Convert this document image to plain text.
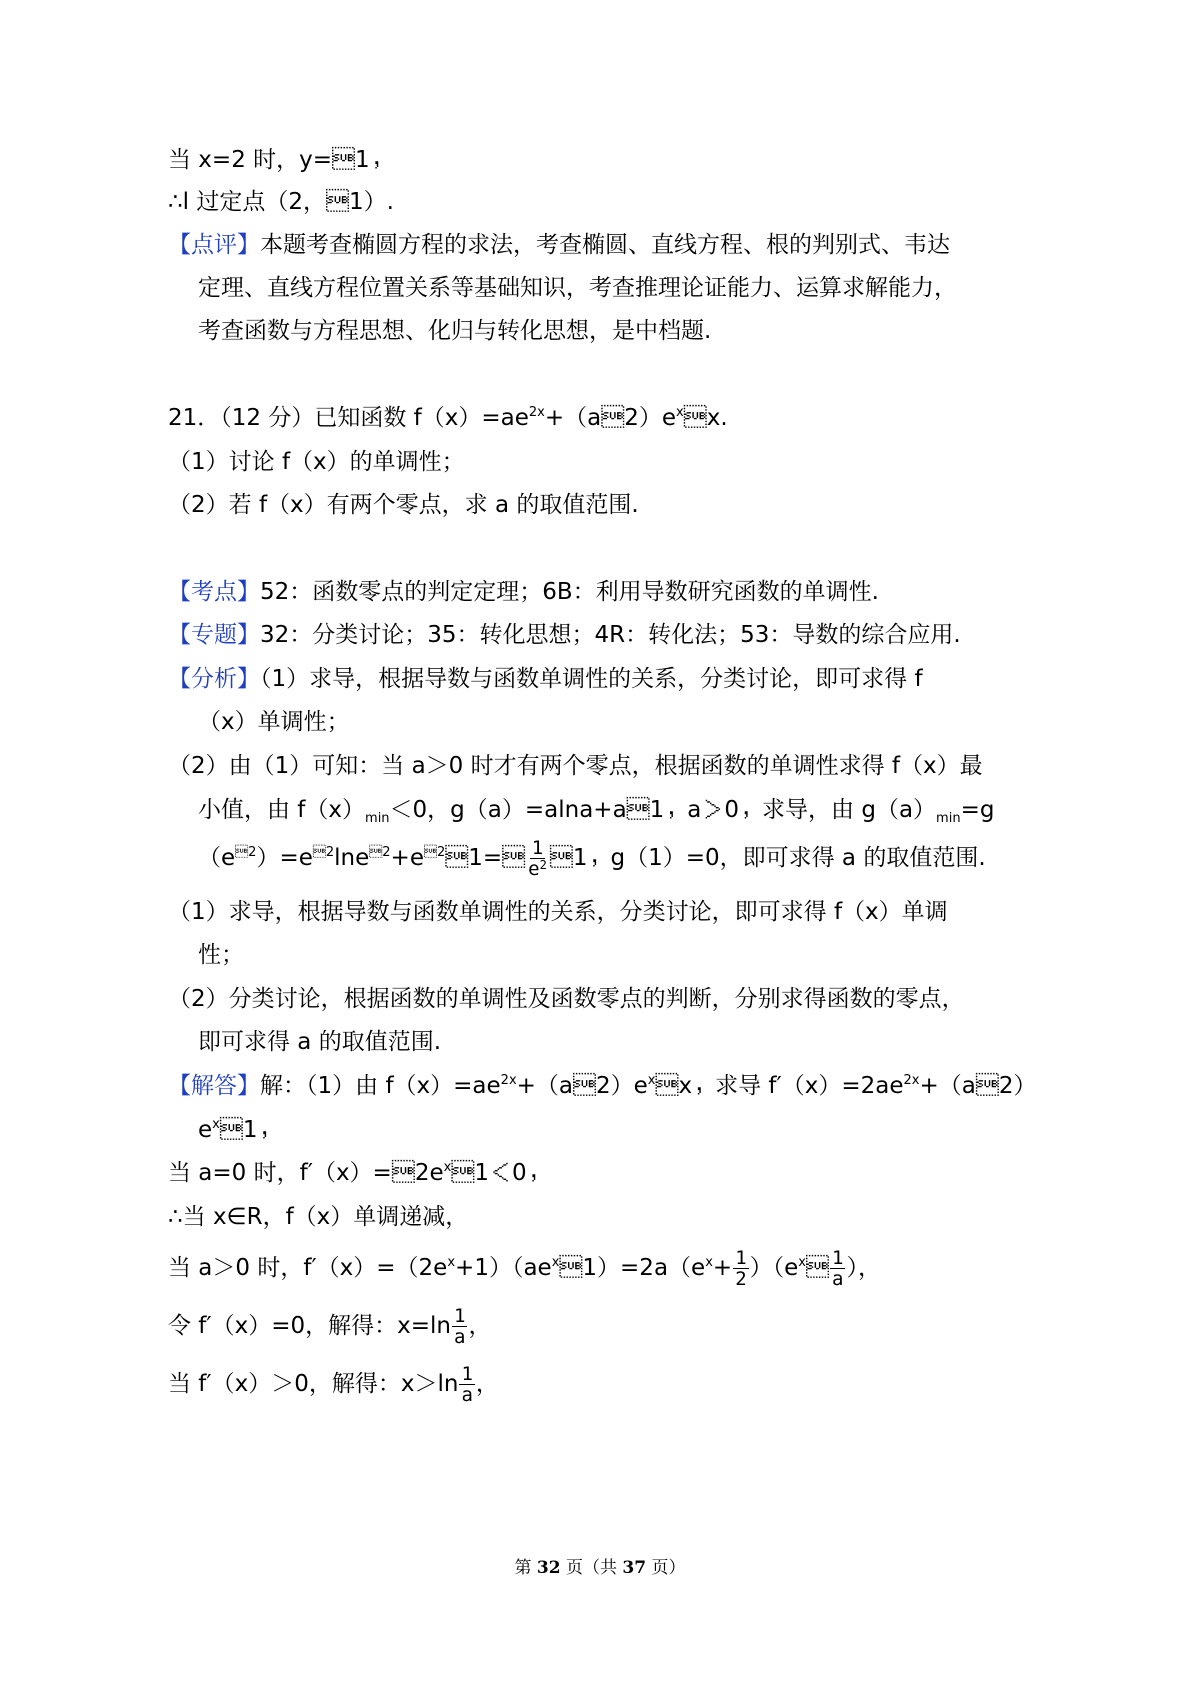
当 x=2 时，y=1，
∴l 过定点（2，1）.
【点评】本题考查椭圆方程的求法，考查椭圆、直线方程、根的判别式、韦达
定理、直线方程位置关系等基础知识，考查推理论证能力、运算求解能力，
考查函数与方程思想、化归与转化思想，是中档题.
21．（12 分）已知函数 $f(x)=ae^{2x}+(a2)e^xx$.
（1）讨论 f（x）的单调性；
（2）若 f（x）有两个零点，求 a 的取值范围.
【考点】52：函数零点的判定定理；6B：利用导数研究函数的单调性.
【专题】32：分类讨论；35：转化思想；4R：转化法；53：导数的综合应用.
【分析】（1）求导，根据导数与函数单调性的关系，分类讨论，即可求得 f
（x）单调性；
（2）由（1）可知：当 a＞0 时才有两个零点，根据函数的单调性求得 f（x）最
小值，由 $f(x)_{min}<0$，g（a）=alna+a1，a＞0，求导，由 $g(a)_{min}=g$
$(e^{2})=e^{2}\ln e^{2}+e^{2}1= \frac{1}{e^2}$ 1，g（1）=0，即可求得 a 的取值范围.
（1）求导，根据导数与函数单调性的关系，分类讨论，即可求得 f（x）单调
性；
（2）分类讨论，根据函数的单调性及函数零点的判断，分别求得函数的零点，
即可求得 a 的取值范围.
【解答】解：（1）由 $f(x)=ae^{2x}+(a2)e^xx$，求导 $f'(x)=2ae^{2x}+(a2)$
$e^x1$，
当 a=0 时，$f'(x)=2e^x1<0$，
∴当 x∈R，f（x）单调递减，
当 a＞0 时，$f'(x)=(2e^x+1)(ae^x1)=2a(e^x+ \frac{1}{2}$ ）（$e^x \frac{1}{a}$ ），
令 f′（x）=0，解得：$x=\ln \frac{1}{a}$ ，
当 f′（x）＞0，解得：$x>\ln \frac{1}{a}$ ，
第 32 页（共 37 页）
